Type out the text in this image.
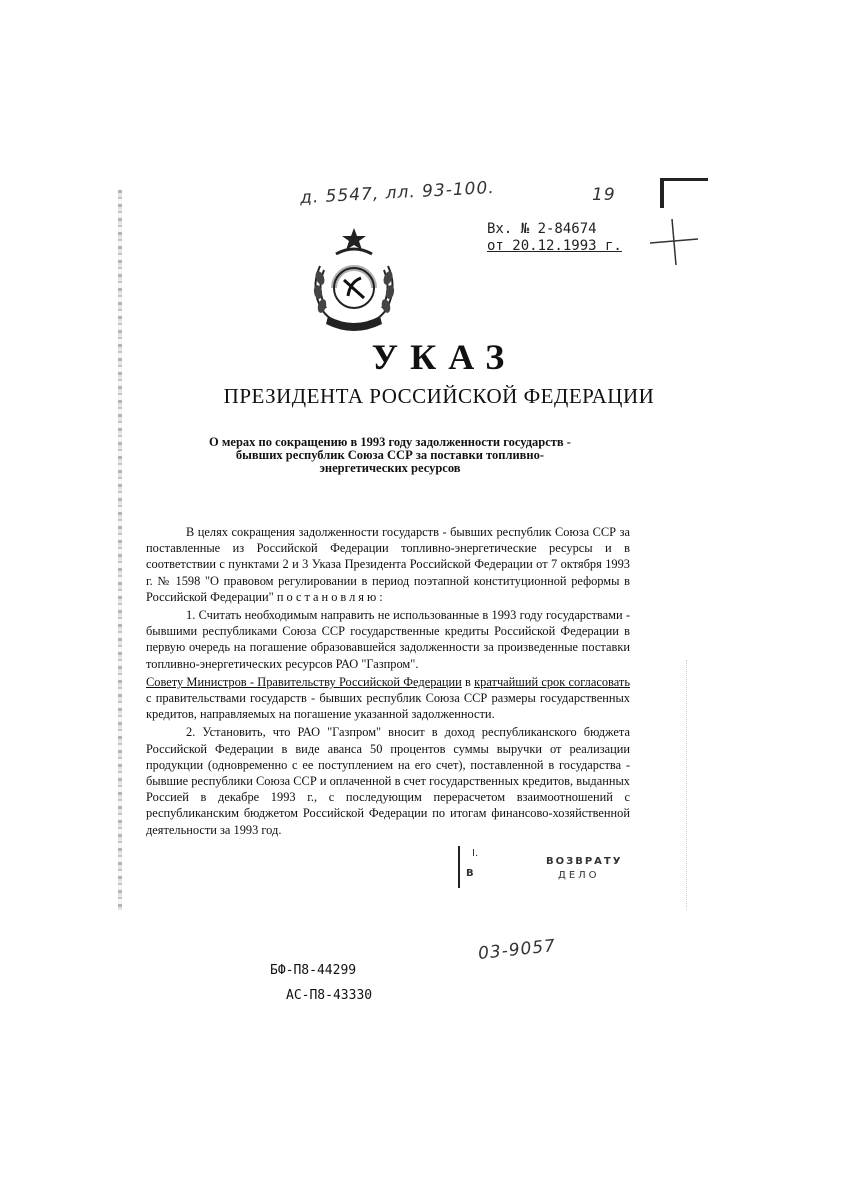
д. 5547, лл. 93-100.	19
Вх. № 2-84674
от 20.12.1993 г.
УКАЗ
ПРЕЗИДЕНТА РОССИЙСКОЙ ФЕДЕРАЦИИ
О мерах по сокращению в 1993 году задолженности государств -
бывших республик Союза ССР за поставки топливно-
энергетических ресурсов

В целях сокращения задолженности государств - бывших республик Союза ССР за поставленные из Российской Федерации топливно-энергетические ресурсы и в соответствии с пунктами 2 и 3 Указа Президента Российской Федерации от 7 октября 1993 г. № 1598 "О правовом регулировании в период поэтапной конституционной реформы в Российской Федерации" постановляю:

1. Считать необходимым направить не использованные в 1993 году государствами - бывшими республиками Союза ССР государственные кредиты Российской Федерации в первую очередь на погашение образовавшейся задолженности за произведенные поставки топливно-энергетических ресурсов РАО "Газпром".

Совету Министров - Правительству Российской Федерации в кратчайший срок согласовать с правительствами государств - бывших республик Союза ССР размеры государственных кредитов, направляемых на погашение указанной задолженности.

2. Установить, что РАО "Газпром" вносит в доход республиканского бюджета Российской Федерации в виде аванса 50 процентов суммы выручки от реализации продукции (одновременно с ее поступлением на его счет), поставленной в государства - бывшие республики Союза ССР и оплаченной в счет государственных кредитов, выданных Россией в декабре 1993 г., с последующим перерасчетом взаимоотношений с республиканским бюджетом Российской Федерации по итогам финансово-хозяйственной деятельности за 1993 год.

I.
ВОЗВРАТУ
В	ДЕЛО
03-9057
БФ-П8-44299
АС-П8-43330
